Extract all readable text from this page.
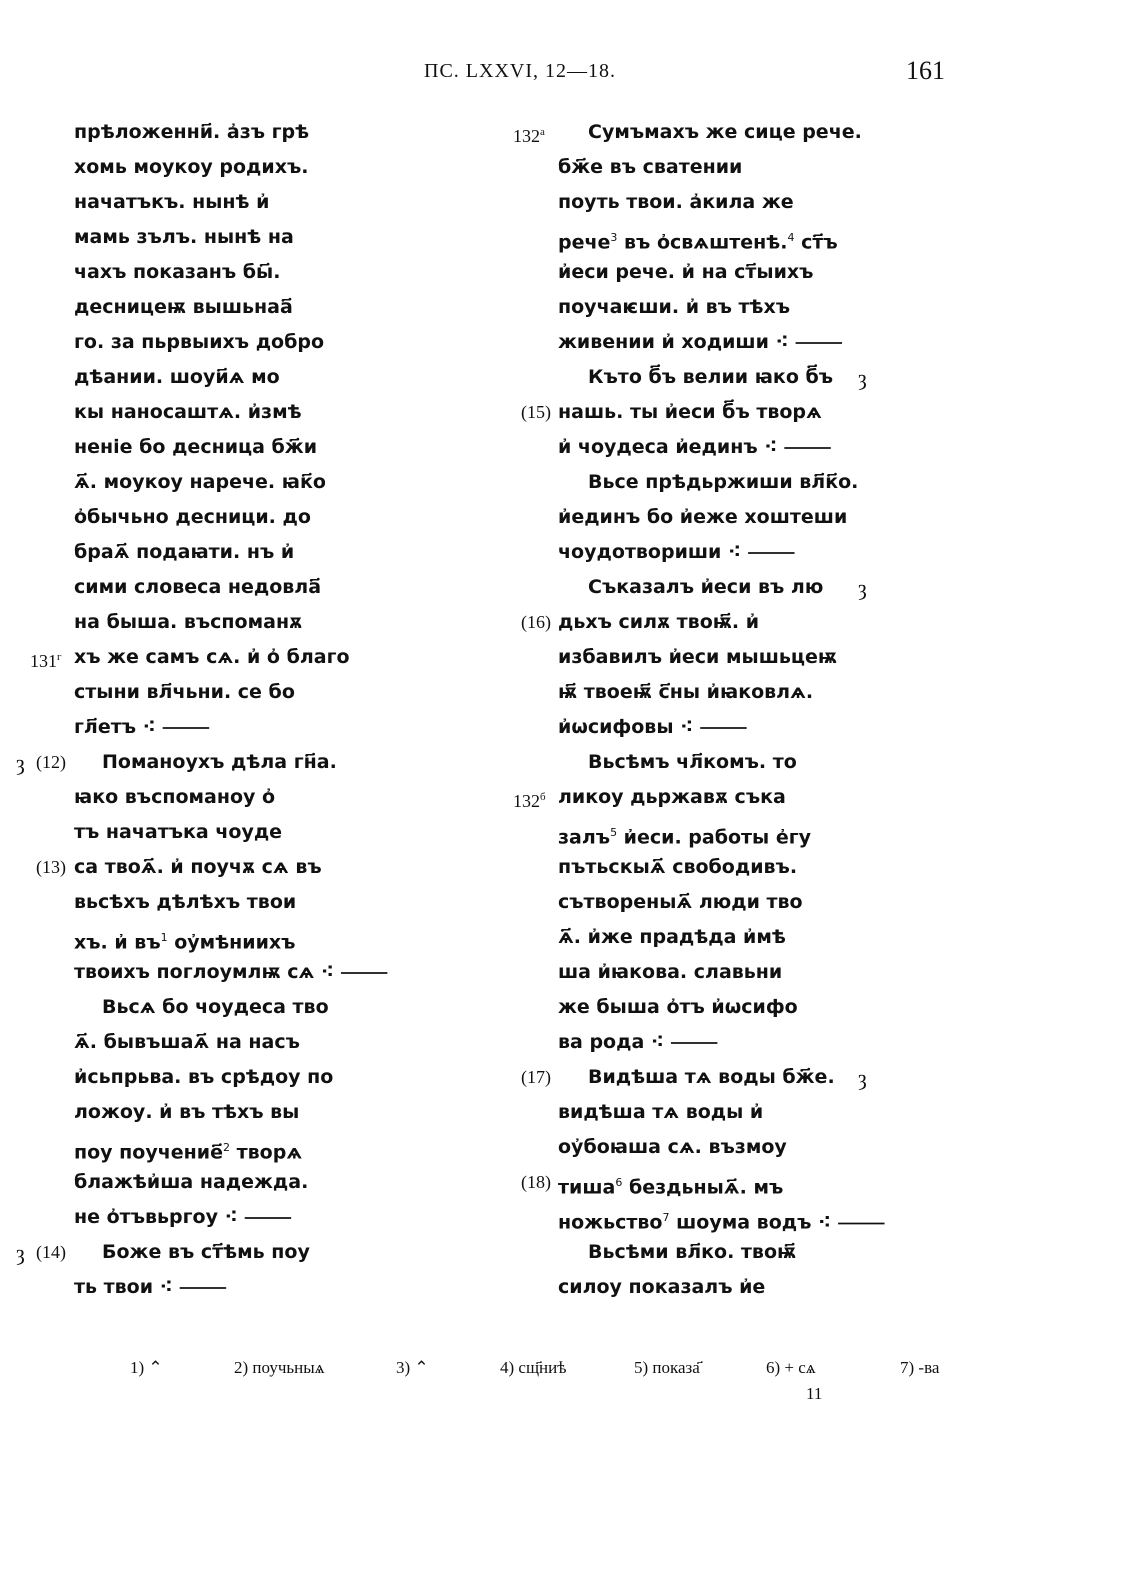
ПС. LXXVI, 12—18.	161
прѣложенни҃. а҆зъ грѣ
хомь моукоу родихъ.
начатъкъ. нынѣ и҆
мамь зълъ. нынѣ на
чахъ показанъ бы҃.
десницеѭ вышьнаа҃
го. за пьрвыихъ добро
дѣании. шоуи҃ѧ мо
кы наносаштѧ. и҆змѣ
неніе бо десница бж҃и
ѧ҃. моукоу нарече. ꙗк҃о
о҆бычьно десници. до
браѧ҃ подаꙗти. нъ и҆
сими словеса недовла҃
на быша. въспоманѫ
$131^г$ хъ же самъ сѧ. и҆ о҆ благо
стыни вл҃чьни. се бо
гл҃етъ ⁖ ⸻
ȝ (12) Поманоухъ дѣла гн҃а.
ꙗко въспоманоу о҆
тъ начатъка чоуде
(13) са твоѧ҃. и҆ поучѫ сѧ въ
вьсѣхъ дѣлѣхъ твои
хъ. и҆ $въ^1$ оу҆мѣниихъ
твоихъ поглоумлѭ сѧ ⁖ ⸻
Вьсѧ бо чоудеса тво
ѧ҃. бывъшаѧ҃ на насъ
и҆сьпрьва. въ срѣдоу по
ложоу. и҆ въ тѣхъ вы
поу поучение҃$^2$ творѧ
блажѣи҆ша надежда.
не о҆тъвьргоу ⁖ ⸻
ȝ (14) Боже въ ст҃ѣмь поу
ть твои ⁖ ⸻
$132^а$ Сумъмахъ же сице рече.
бж҃е въ сватении
поуть твои. а҆кила же
рече$^3$ въ о҆свѧштенѣ.$^4$ ст҃ъ
и҆еси рече. и҆ на ст҃ыихъ
поучаѥши. и҆ въ тѣхъ
живении и҆ ходиши ⁖ ⸻
ȝ
Къто б҃ъ велии ꙗко б҃ъ
(15) нашь. ты и҆еси б҃ъ творѧ
и҆ чоудеса и҆единъ ⁖ ⸻
Вьсе прѣдьржиши вл҃к҃о.
и҆единъ бо и҆еже хоштеши
чоудотвориши ⁖ ⸻
ȝ
Съказалъ и҆еси въ лю
(16) дьхъ силѫ твоѭ҃. и҆
избавилъ и҆еси мышьцеѭ
ѭ҃ твоеѭ҃ с҃ны и҆ꙗковлѧ.
и҆ѡсифовы ⁖ ⸻
Вьсѣмъ чл҃комъ. то
$132^б$ ликоу дьржавѫ съка
залъ$^5$ и҆еси. работы е҆гу
пътьскыѧ҃ свободивъ.
сътвореныѧ҃ люди тво
ѧ҃. и҆же прадѣда и҆мѣ
ша и҆ꙗкова. славьни
же быша о҆тъ и҆ѡсифо
ва рода ⁖ ⸻
ȝ
(17) Видѣша тѧ воды бж҃е.
видѣша тѧ воды и҆
оу҆боꙗша сѧ. възмоу
(18) тиша$^6$ бездьныѧ҃. мъ
ножьство$^7$ шоума водъ ⁖ ⸻
Вьсѣми вл҃ко. твоѭ҃
силоу показалъ и҆е
1) ⌃	2) поучьныѧ	3) ⌃	4) сщ҃ниѣ	5) показа҃	6) + сѧ	7) -ва
11
